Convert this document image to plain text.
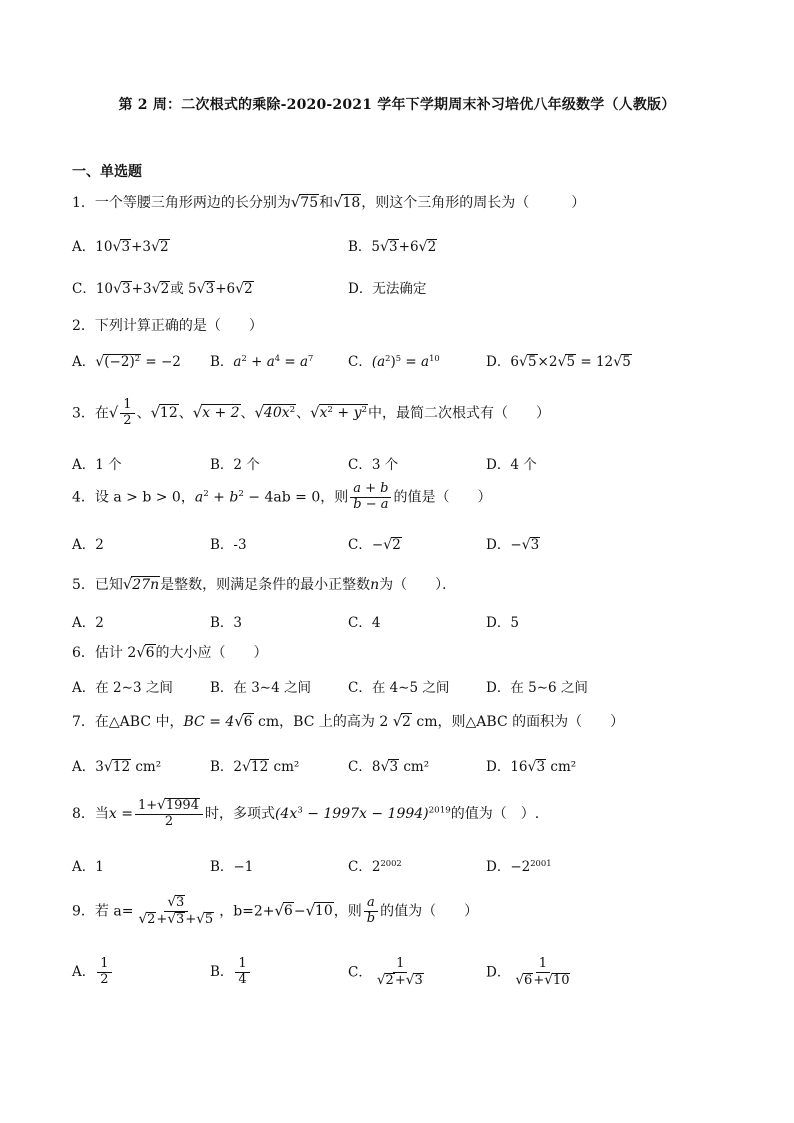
第 2 周：二次根式的乘除-2020-2021 学年下学期周末补习培优八年级数学（人教版）
一、单选题
1．一个等腰三角形两边的长分别为√75和√18，则这个三角形的周长为（　　　）
A．10√3+3√2	B．5√3+6√2
C．10√3+3√2或 5√3+6√2	D．无法确定
2．下列计算正确的是（　　）
A．$√(-2)^2 = -2$ B．$a^2 + a^4 = a^7$	C．$(a^2)^5 = a^{10}$	D．6√5×2√5 = 12√5
3．在√ $\frac{1}{2}$ 、√12、√x + 2、$√40x^2$、$√x^2 + y^2$中，最简二次根式有（　　）
A．1 个	B．2 个	C．3 个	D．4 个
4．设 a > b > 0，$a^2 + b^2 - 4ab = 0$，则 $\frac{a + b}{b - a}$ 的值是（　　）
A．2	B．-3	C．−√2	D．−√3
5．已知√27n是整数，则满足条件的最小正整数n为（　　）．
A．2	B．3	C．4	D．5
6．估计 2√6的大小应（　　）
A．在 2∼3 之间	B．在 3∼4 之间	C．在 4∼5 之间	D．在 5∼6 之间
7．在△ABC 中，BC = 4√6 cm，BC 上的高为 2 √2 cm，则△ABC 的面积为（　　）
A．3√12 cm²	B．2√12 cm²	C．8√3 cm²	D．16√3 cm²
8．当$x = \frac{1+√1994}{2}$ 时，多项式$(4x^3 - 1997x - 1994)^{2019}$的值为（　）.
A．1	B．−1	C．$2^{2002}$	D．$-2^{2001}$
9．若 $a= \frac{√3}{√2+√3+√5}$ ，b=2+√6−√10，则 $\frac{a}{b}$ 的值为（　　）
A． $\frac{1}{2}$	B． $\frac{1}{4}$	C． $\frac{1}{√2+√3}$	D． $\frac{1}{√6+√10}$
